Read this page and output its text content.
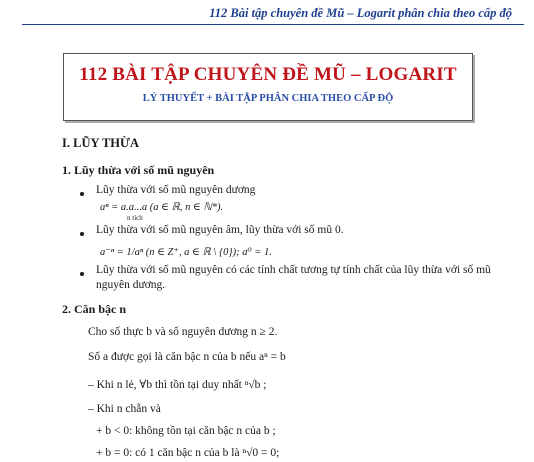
112 Bài tập chuyên đề Mũ – Logarit phân chia theo cấp độ
112 BÀI TẬP CHUYÊN ĐỀ MŨ – LOGARIT
LÝ THUYẾT + BÀI TẬP PHÂN CHIA THEO CẤP ĐỘ
I. LŨY THỪA
1. Lũy thừa với số mũ nguyên
Lũy thừa với số mũ nguyên dương
aⁿ = a.a...a (a ∈ ℝ, n ∈ ℕ*).
n tích
Lũy thừa với số mũ nguyên âm, lũy thừa với số mũ 0.
a⁻ⁿ = 1/aⁿ (n ∈ Z⁺, a ∈ ℝ \ {0}); a⁰ = 1.
Lũy thừa với số mũ nguyên có các tính chất tương tự tính chất của lũy thừa với số mũ
nguyên dương.
2. Căn bậc n
Cho số thực b và số nguyên dương n ≥ 2.
Số a được gọi là căn bậc n của b nếu aⁿ = b
– Khi n lẻ, ∀b thì tồn tại duy nhất ⁿ√b ;
– Khi n chẵn và
+ b < 0: không tồn tại căn bậc n của b ;
+ b = 0: có 1 căn bậc n của b là ⁿ√0 = 0;
